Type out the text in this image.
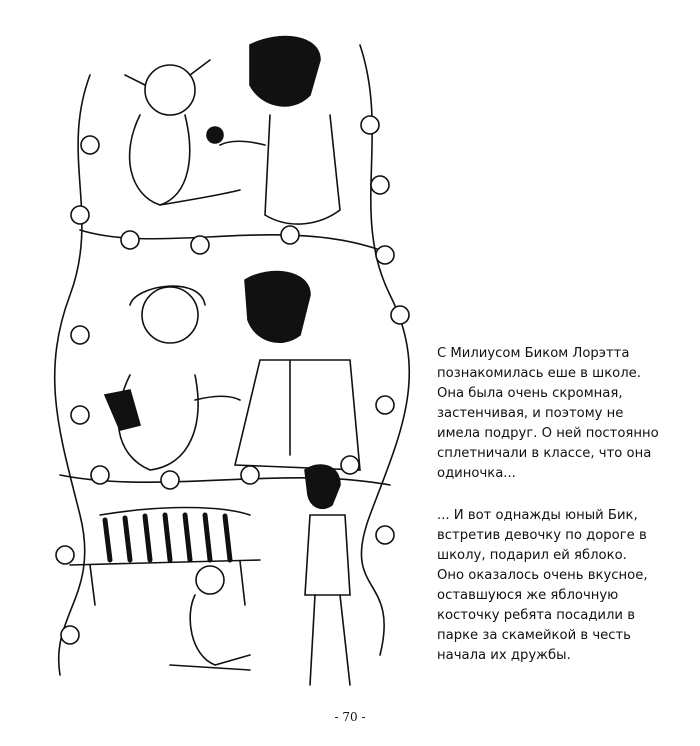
С Милиусом Биком Лорэтта
познакомилась еше в школе.
Она была очень скромная,
застенчивая, и поэтому не
имела подруг. О ней постоянно
сплетничали в классе, что она
одиночка...

... И вот однажды юный Бик,
встретив девочку по дороге в
школу, подарил ей яблоко.
Оно оказалось очень вкусное,
оставшуюся же яблочную
косточку ребята посадили в
парке за скамейкой в честь
начала их дружбы.

- 70 -
